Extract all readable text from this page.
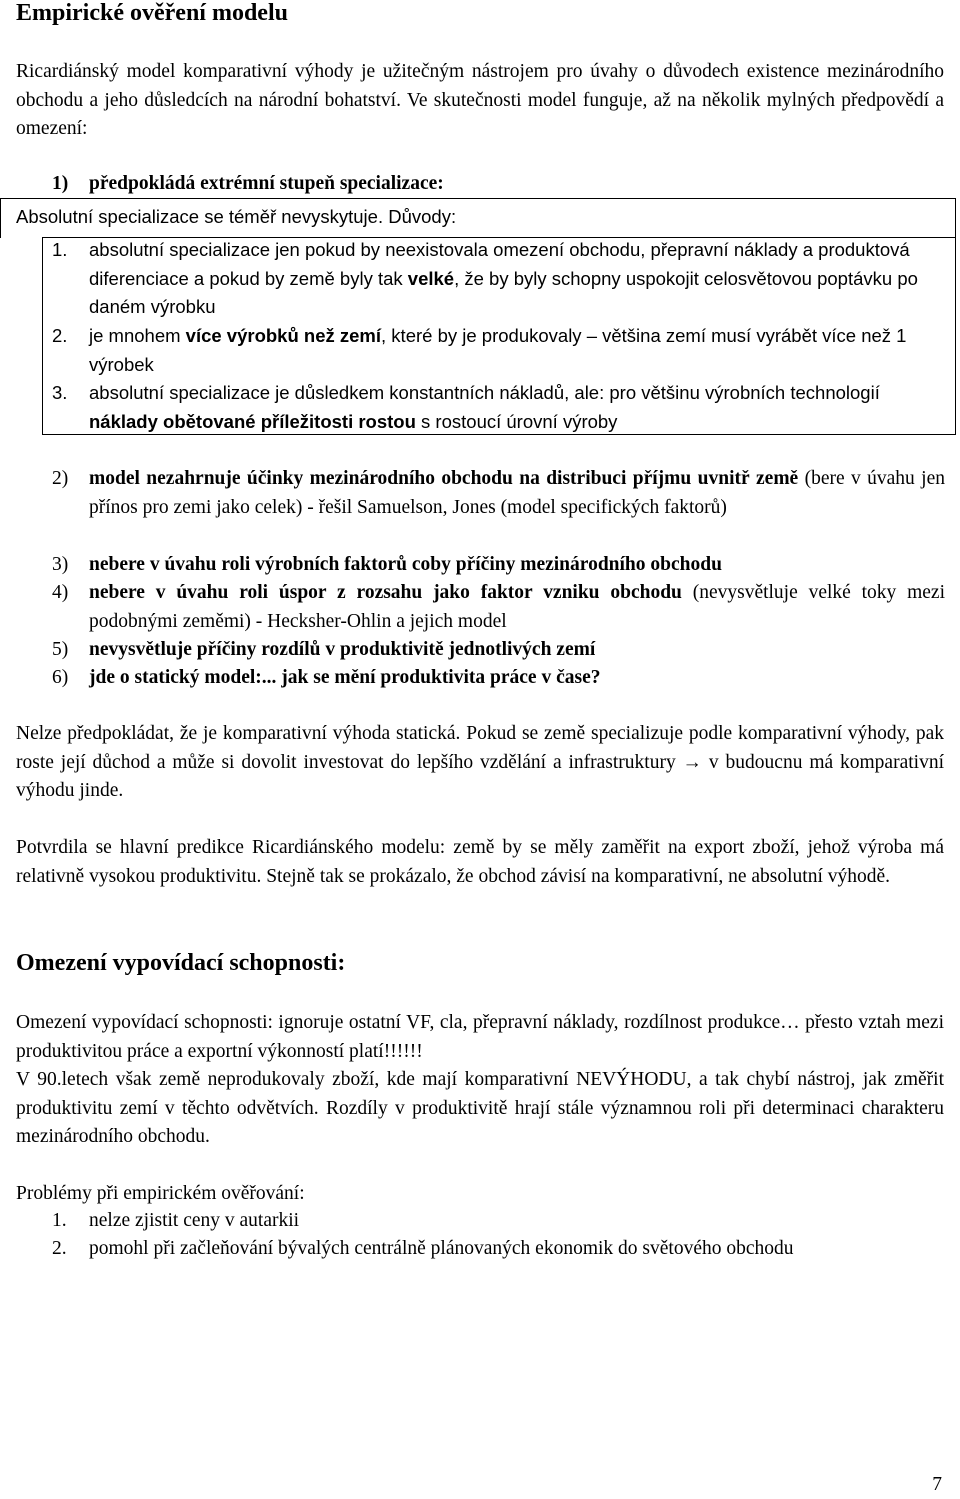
Empirické ověření modelu
Ricardiánský model komparativní výhody je užitečným nástrojem pro úvahy o důvodech existence mezinárodního obchodu a jeho důsledcích na národní bohatství. Ve skutečnosti model funguje, až na několik mylných předpovědí a omezení:
1) předpokládá extrémní stupeň specializace:
Absolutní specializace se téměř nevyskytuje. Důvody:
1. absolutní specializace jen pokud by neexistovala omezení obchodu, přepravní náklady a produktová diferenciace a pokud by země byly tak velké, že by byly schopny uspokojit celosvětovou poptávku po daném výrobku
2. je mnohem více výrobků než zemí, které by je produkovaly – většina zemí musí vyrábět více než 1 výrobek
3. absolutní specializace je důsledkem konstantních nákladů, ale: pro většinu výrobních technologií náklady obětované příležitosti rostou s rostoucí úrovní výroby
2) model nezahrnuje účinky mezinárodního obchodu na distribuci příjmu uvnitř země (bere v úvahu jen přínos pro zemi jako celek) - řešil Samuelson, Jones (model specifických faktorů)
3) nebere v úvahu roli výrobních faktorů coby příčiny mezinárodního obchodu
4) nebere v úvahu roli úspor z rozsahu jako faktor vzniku obchodu (nevysvětluje velké toky mezi podobnými zeměmi) - Hecksher-Ohlin a jejich model
5) nevysvětluje příčiny rozdílů v produktivitě jednotlivých zemí
6) jde o statický model:... jak se mění produktivita práce v čase?
Nelze předpokládat, že je komparativní výhoda statická. Pokud se země specializuje podle komparativní výhody, pak roste její důchod a může si dovolit investovat do lepšího vzdělání a infrastruktury → v budoucnu má komparativní výhodu jinde.
Potvrdila se hlavní predikce Ricardiánského modelu: země by se měly zaměřit na export zboží, jehož výroba má relativně vysokou produktivitu. Stejně tak se prokázalo, že obchod závisí na komparativní, ne absolutní výhodě.
Omezení vypovídací schopnosti:
Omezení vypovídací schopnosti: ignoruje ostatní VF, cla, přepravní náklady, rozdílnost produkce… přesto vztah mezi produktivitou práce a exportní výkonností platí!!!!!!
V 90.letech však země neprodukovaly zboží, kde mají komparativní NEVÝHODU, a tak chybí nástroj, jak změřit produktivitu zemí v těchto odvětvích. Rozdíly v produktivitě hrají stále významnou roli při determinaci charakteru mezinárodního obchodu.
Problémy při empirickém ověřování:
1. nelze zjistit ceny v autarkii
2. pomohl při začleňování bývalých centrálně plánovaných ekonomik do světového obchodu
7
